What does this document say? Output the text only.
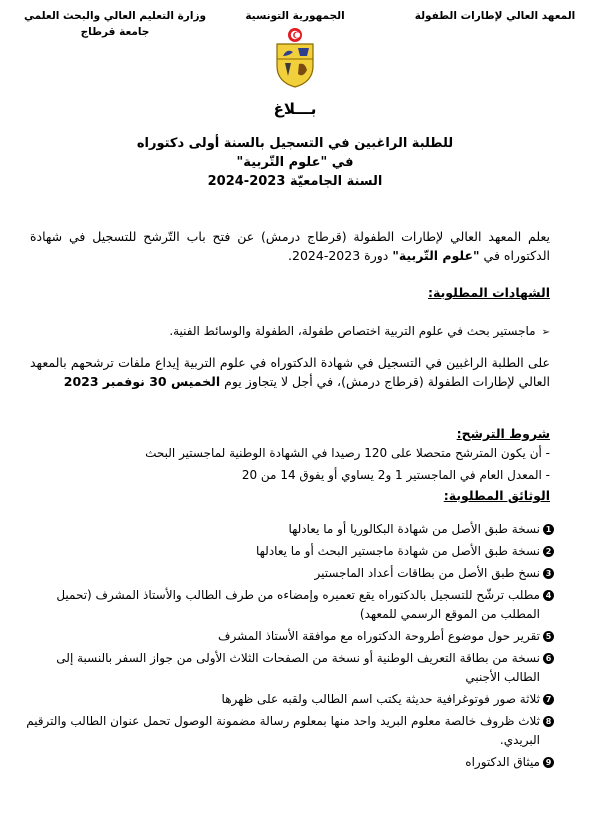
المعهد العالي لإطارات الطفولة
الجمهورية التونسية
وزارة التعليم العالي والبحث العلمي
جامعة قرطاج
بـــلاغ
للطلبة الراغبين في التسجيل بالسنة أولى دكتوراه
في "علوم التّربية"
السنة الجامعيّة 2023-2024
يعلم المعهد العالي لإطارات الطفولة (قرطاج درمش) عن فتح باب التّرشح للتسجيل في شهادة الدكتوراه في "علوم التّربية" دورة 2023-2024.
الشهادات المطلوبة:
➢ماجستير بحث في علوم التربية اختصاص طفولة، الطفولة والوسائط الفنية.
على الطلبة الراغبين في التسجيل في شهادة الدكتوراه في علوم التربية إيداع ملفات ترشحهم بالمعهد العالي لإطارات الطفولة (قرطاج درمش)، في أجل لا يتجاوز يوم الخميس 30 نوفمبر 2023
شروط الترشح:
- أن يكون المترشح متحصلا على 120 رصيدا في الشهادة الوطنية لماجستير البحث
- المعدل العام في الماجستير 1 و2 يساوي أو يفوق 14 من 20
الوثائق المطلوبة:
1
نسخة طبق الأصل من شهادة البكالوريا أو ما يعادلها
2
نسخة طبق الأصل من شهادة ماجستير البحث أو ما يعادلها
3
نسخ طبق الأصل من بطاقات أعداد الماجستير
4
مطلب ترشّح للتسجيل بالدكتوراه يقع تعميره وإمضاءه من طرف الطالب والأستاذ المشرف (تحميل المطلب من الموقع الرسمي للمعهد)
5
تقرير حول موضوع أطروحة الدكتوراه مع موافقة الأستاذ المشرف
6
نسخة من بطاقة التعريف الوطنية أو نسخة من الصفحات الثلاث الأولى من جواز السفر بالنسبة إلى الطالب الأجنبي
7
ثلاثة صور فوتوغرافية حديثة يكتب اسم الطالب ولقبه على ظهرها
8
ثلاث ظروف خالصة معلوم البريد واحد منها بمعلوم رسالة مضمونة الوصول تحمل عنوان الطالب والترقيم البريدي.
9
ميثاق الدكتوراه
